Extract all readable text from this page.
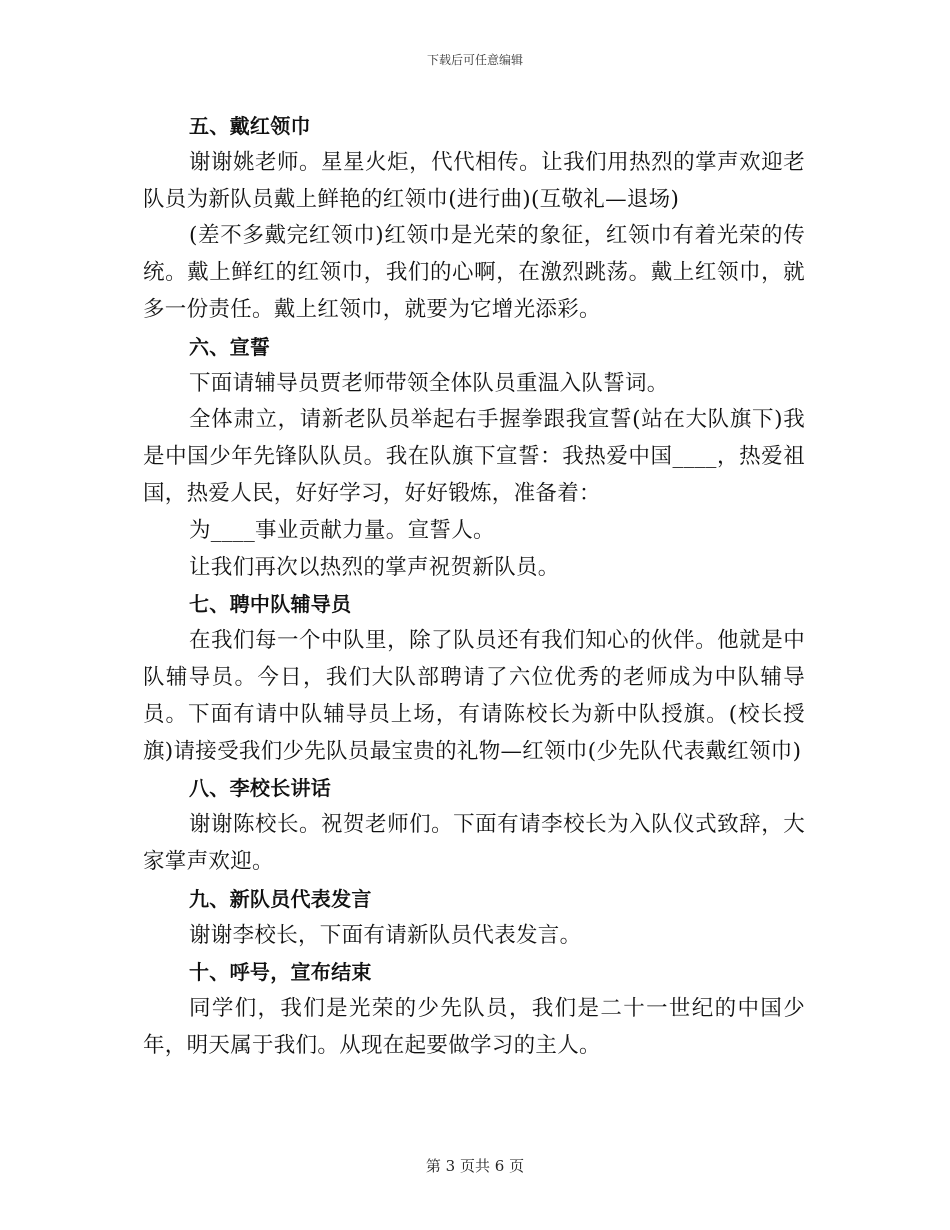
下载后可任意编辑

五、戴红领巾

谢谢姚老师。星星火炬，代代相传。让我们用热烈的掌声欢迎老队员为新队员戴上鲜艳的红领巾(进行曲)(互敬礼—退场)

(差不多戴完红领巾)红领巾是光荣的象征，红领巾有着光荣的传统。戴上鲜红的红领巾，我们的心啊，在激烈跳荡。戴上红领巾，就多一份责任。戴上红领巾，就要为它增光添彩。

六、宣誓

下面请辅导员贾老师带领全体队员重温入队誓词。

全体肃立，请新老队员举起右手握拳跟我宣誓(站在大队旗下)我是中国少年先锋队队员。我在队旗下宣誓：我热爱中国____，热爱祖国，热爱人民，好好学习，好好锻炼，准备着：

为____事业贡献力量。宣誓人。

让我们再次以热烈的掌声祝贺新队员。

七、聘中队辅导员

在我们每一个中队里，除了队员还有我们知心的伙伴。他就是中队辅导员。今日，我们大队部聘请了六位优秀的老师成为中队辅导员。下面有请中队辅导员上场，有请陈校长为新中队授旗。(校长授旗)请接受我们少先队员最宝贵的礼物—红领巾(少先队代表戴红领巾)

八、李校长讲话

谢谢陈校长。祝贺老师们。下面有请李校长为入队仪式致辞，大家掌声欢迎。

九、新队员代表发言

谢谢李校长，下面有请新队员代表发言。

十、呼号，宣布结束

同学们，我们是光荣的少先队员，我们是二十一世纪的中国少年，明天属于我们。从现在起要做学习的主人。

第 3 页共 6 页
